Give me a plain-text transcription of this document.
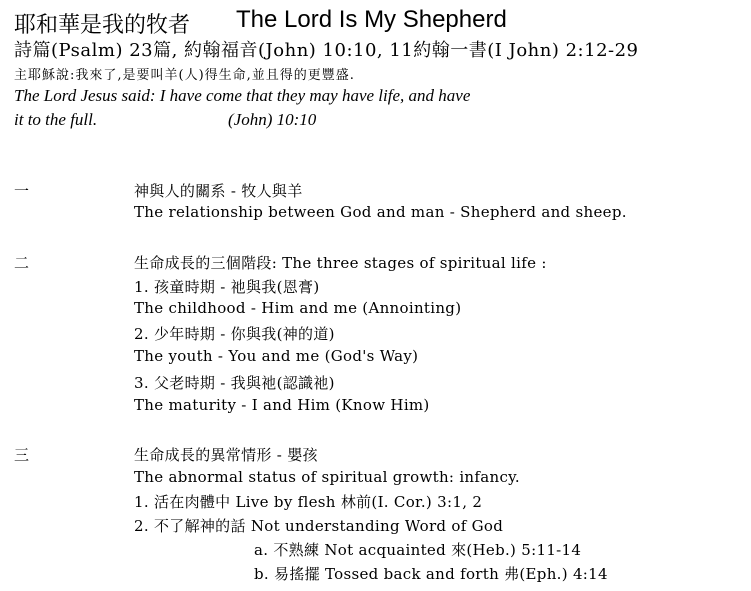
耶和華是我的牧者 The Lord Is My Shepherd
詩篇(Psalm) 23篇, 約翰福音(John) 10:10, 11約翰一書(I John) 2:12-29
主耶穌說:我來了,是要叫羊(人)得生命,並且得的更豐盛.
The Lord Jesus said: I have come that they may have life, and have
it to the full.	(John) 10:10
一	神與人的關系 - 牧人與羊
The relationship between God and man - Shepherd and sheep.
二	生命成長的三個階段: The three stages of spiritual life :
1. 孩童時期 - 祂與我(恩膏)
The childhood - Him and me (Annointing)
2. 少年時期 - 你與我(神的道)
The youth - You and me (God's Way)
3. 父老時期 - 我與祂(認識祂)
The maturity - I and Him (Know Him)
三	生命成長的異常情形 - 嬰孩
The abnormal status of spiritual growth: infancy.
1. 活在肉體中 Live by flesh 林前(I. Cor.) 3:1, 2
2. 不了解神的話 Not understanding Word of God
a. 不熟練 Not acquainted 來(Heb.) 5:11-14
b. 易搖擺 Tossed back and forth 弗(Eph.) 4:14
